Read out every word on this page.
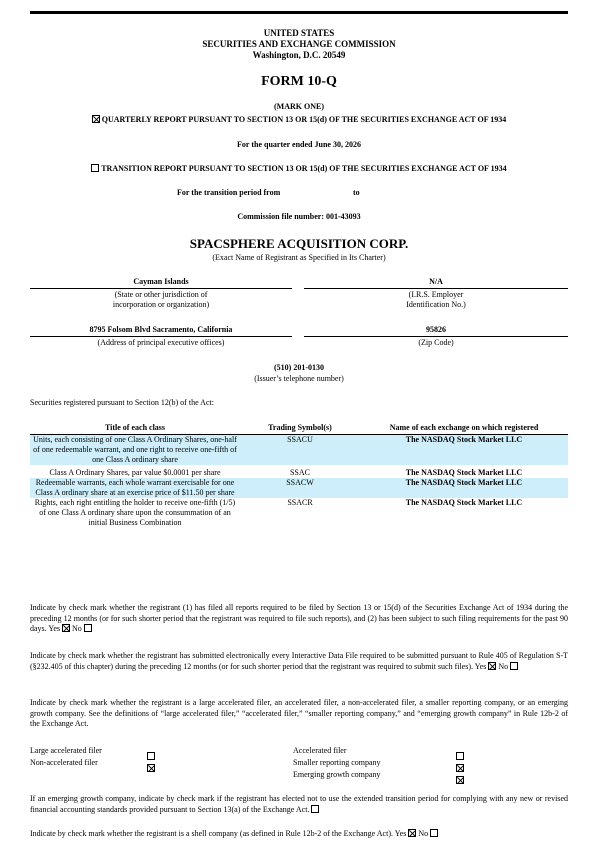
UNITED STATES
SECURITIES AND EXCHANGE COMMISSION
Washington, D.C. 20549
FORM 10-Q
(MARK ONE)
QUARTERLY REPORT PURSUANT TO SECTION 13 OR 15(d) OF THE SECURITIES EXCHANGE ACT OF 1934
For the quarter ended June 30, 2026
TRANSITION REPORT PURSUANT TO SECTION 13 OR 15(d) OF THE SECURITIES EXCHANGE ACT OF 1934
For the transition period from	to
Commission file number: 001-43093
SPACSPHERE ACQUISITION CORP.
(Exact Name of Registrant as Specified in Its Charter)
Cayman Islands
(State or other jurisdiction of
incorporation or organization)
N/A
(I.R.S. Employer
Identification No.)
8795 Folsom Blvd Sacramento, California
(Address of principal executive offices)
95826
(Zip Code)
(510) 201-0130
(Issuer’s telephone number)
Securities registered pursuant to Section 12(b) of the Act:
Title of each class	Trading Symbol(s)	Name of each exchange on which registered
Units, each consisting of one Class A Ordinary Shares, one-half of one redeemable warrant, and one right to receive one-fifth of one Class A ordinary share	SSACU	The NASDAQ Stock Market LLC
Class A Ordinary Shares, par value $0.0001 per share	SSAC	The NASDAQ Stock Market LLC
Redeemable warrants, each whole warrant exercisable for one Class A ordinary share at an exercise price of $11.50 per share	SSACW	The NASDAQ Stock Market LLC
Rights, each right entitling the holder to receive one-fifth (1/5) of one Class A ordinary share upon the consummation of an initial Business Combination	SSACR	The NASDAQ Stock Market LLC
Indicate by check mark whether the registrant (1) has filed all reports required to be filed by Section 13 or 15(d) of the Securities Exchange Act of 1934 during the preceding 12 months (or for such shorter period that the registrant was required to file such reports), and (2) has been subject to such filing requirements for the past 90 days. Yes No
Indicate by check mark whether the registrant has submitted electronically every Interactive Data File required to be submitted pursuant to Rule 405 of Regulation S-T (§232.405 of this chapter) during the preceding 12 months (or for such shorter period that the registrant was required to submit such files). Yes No
Indicate by check mark whether the registrant is a large accelerated filer, an accelerated filer, a non-accelerated filer, a smaller reporting company, or an emerging growth company. See the definitions of “large accelerated filer,” “accelerated filer,” “smaller reporting company,” and “emerging growth company” in Rule 12b-2 of the Exchange Act.
Large accelerated filer
Non-accelerated filer
Accelerated filer
Smaller reporting company
Emerging growth company
If an emerging growth company, indicate by check mark if the registrant has elected not to use the extended transition period for complying with any new or revised financial accounting standards provided pursuant to Section 13(a) of the Exchange Act.
Indicate by check mark whether the registrant is a shell company (as defined in Rule 12b-2 of the Exchange Act). Yes No
